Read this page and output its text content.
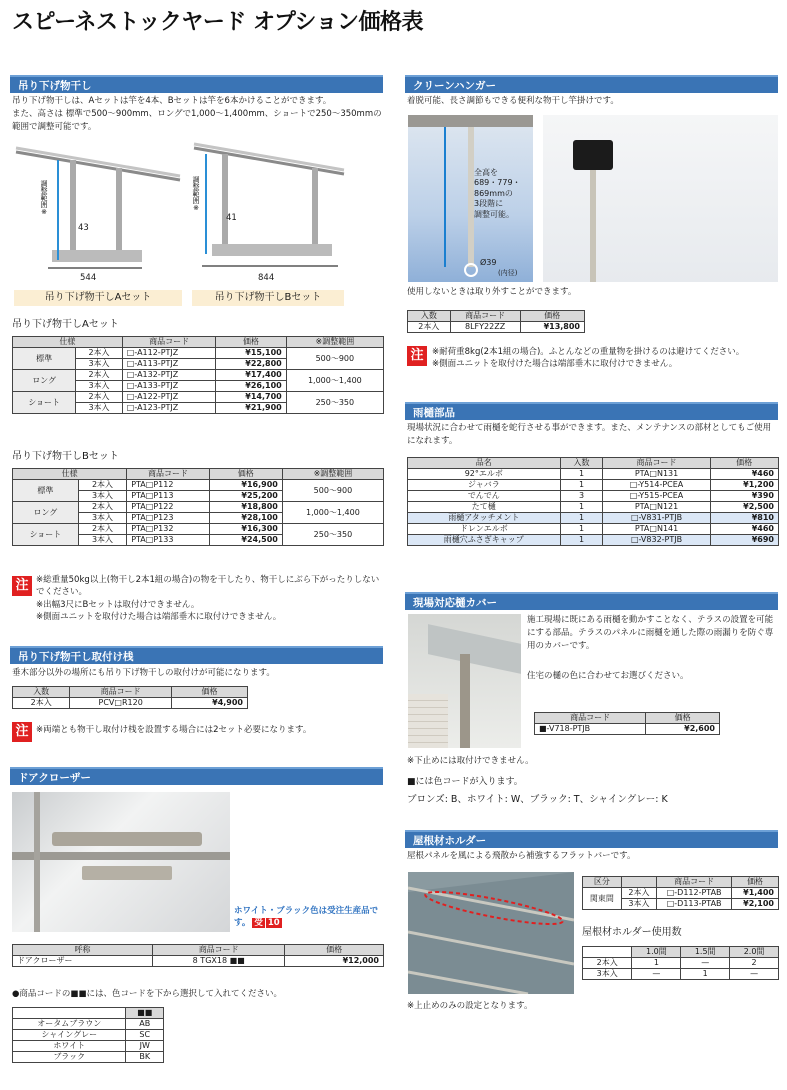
スピーネストックヤード オプション価格表
吊り下げ物干し
吊り下げ物干しは、Aセットは竿を4本、Bセットは竿を6本かけることができます。
また、高さは 標準で500～900mm、ロングで1,000～1,400mm、ショートで250～350mmの範囲で調整可能です。
調整範囲※
43
544
吊り下げ物干しAセット
調整範囲※
41
844
吊り下げ物干しBセット
吊り下げ物干しAセット
仕様		商品コード	価格	※調整範囲
標準	2本入	□-A112-PTJZ	¥15,100	500～900
	3本入	□-A113-PTJZ	¥22,800	
ロング	2本入	□-A132-PTJZ	¥17,400	1,000～1,400
	3本入	□-A133-PTJZ	¥26,100	
ショート	2本入	□-A122-PTJZ	¥14,700	250～350
	3本入	□-A123-PTJZ	¥21,900	
吊り下げ物干しBセット
仕様		商品コード	価格	※調整範囲
標準	2本入	PTA□P112	¥16,900	500～900
	3本入	PTA□P113	¥25,200	
ロング	2本入	PTA□P122	¥18,800	1,000～1,400
	3本入	PTA□P123	¥28,100	
ショート	2本入	PTA□P132	¥16,300	250～350
	3本入	PTA□P133	¥24,500	
注 ※総重量50kg以上(物干し2本1組の場合)の物を干したり、物干しにぶら下がったりしないでください。
※出幅3尺にBセットは取付けできません。
※側面ユニットを取付けた場合は端部垂木に取付けできません。
吊り下げ物干し取付け桟
垂木部分以外の場所にも吊り下げ物干しの取付けが可能になります。
入数	商品コード	価格
2本入	PCV□R120	¥4,900
注 ※両端とも物干し取付け桟を設置する場合には2セット必要になります。
ドアクローザー
ホワイト・ブラック色は受注生産品です。 受 10
呼称	商品コード	価格
ドアクローザー	8 TGX18 ■■	¥12,000
●商品コードの■■には、色コードを下から選択して入れてください。
	■■
オータムブラウン	AB
シャイングレー	SC
ホワイト	JW
ブラック	BK
クリーンハンガー
着脱可能、長さ調節もできる便利な物干し竿掛けです。
全高を
689・779・
869mmの
3段階に
調整可能。
Ø39
(内径)
使用しないときは取り外すことができます。
入数	商品コード	価格
2本入	8LFY22ZZ	¥13,800
注	※耐荷重8kg(2本1組の場合)。ふとんなどの重量物を掛けるのは避けてください。
※側面ユニットを取付けた場合は端部垂木に取付けできません。
雨樋部品
現場状況に合わせて雨樋を蛇行させる事ができます。また、メンテナンスの部材としてもご使用になれます。
品名	入数	商品コード	価格
92°エルボ	1	PTA□N131	¥460
ジャバラ	1	□-Y514-PCEA	¥1,200
でんでん	3	□-Y515-PCEA	¥390
たて樋	1	PTA□N121	¥2,500
雨樋アタッチメント	1	□-V831-PTJB	¥810
ドレンエルボ	1	PTA□N141	¥460
雨樋穴ふさぎキャップ	1	□-V832-PTJB	¥690
現場対応樋カバー
施工現場に既にある雨樋を動かすことなく、テラスの設置を可能にする部品。テラスのパネルに雨樋を通した際の雨漏りを防ぐ専用のカバーです。
住宅の樋の色に合わせてお選びください。
商品コード	価格
■-V718-PTJB	¥2,600
※下止めには取付けできません。
■には色コードが入ります。
ブロンズ: B、ホワイト: W、ブラック: T、シャイングレー: K
屋根材ホルダー
屋根パネルを風による飛散から補強するフラットバーです。
区分		商品コード	価格
関東間	2本入	□-D112-PTAB	¥1,400
	3本入	□-D113-PTAB	¥2,100
屋根材ホルダー使用数
	1.0間	1.5間	2.0間
2本入	1	—	2
3本入	—	1	—
※上止めのみの設定となります。
